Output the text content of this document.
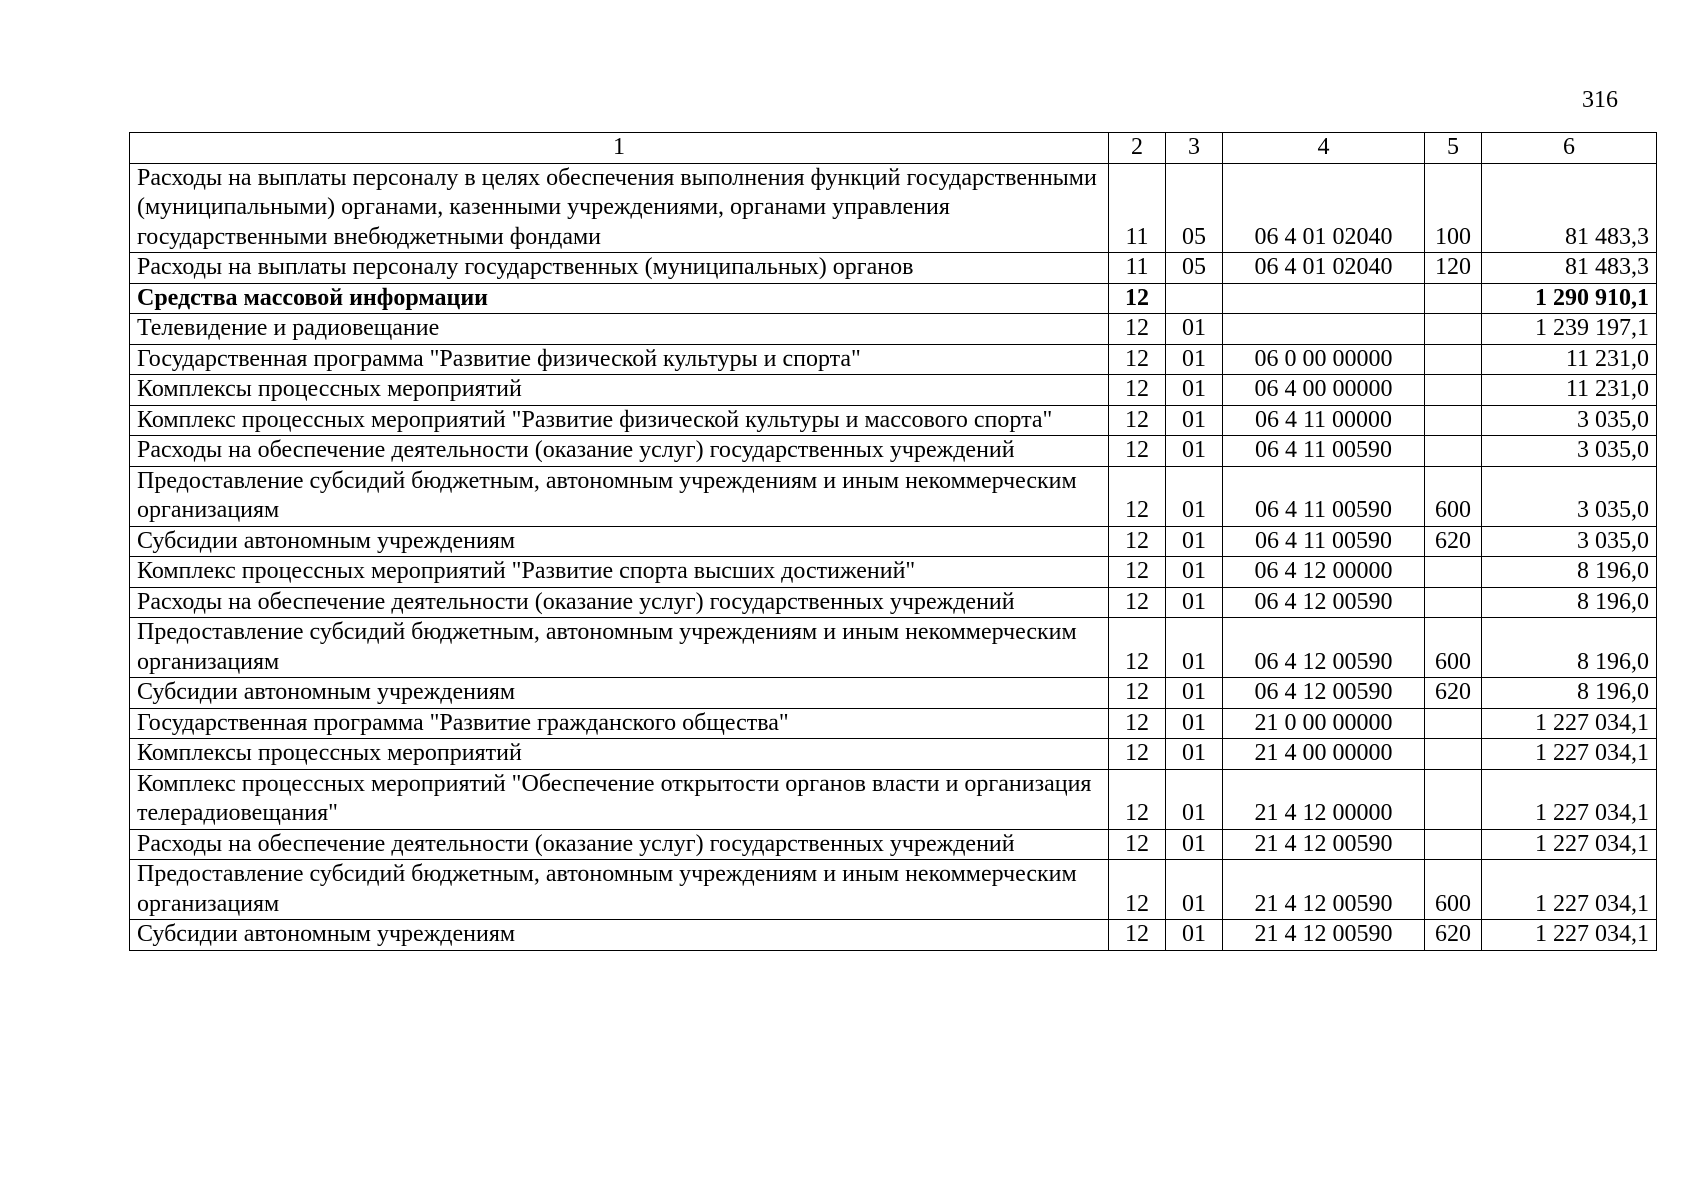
316
1	2	3	4	5	6
Расходы на выплаты персоналу в целях обеспечения выполнения функций государственными (муниципальными) органами, казенными учреждениями, органами управления государственными внебюджетными фондами	11	05	06 4 01 02040	100	81 483,3
Расходы на выплаты персоналу государственных (муниципальных) органов	11	05	06 4 01 02040	120	81 483,3
Средства массовой информации	12				1 290 910,1
Телевидение и радиовещание	12	01			1 239 197,1
Государственная программа "Развитие физической культуры и спорта"	12	01	06 0 00 00000		11 231,0
Комплексы процессных мероприятий	12	01	06 4 00 00000		11 231,0
Комплекс процессных мероприятий "Развитие физической культуры и массового спорта"	12	01	06 4 11 00000		3 035,0
Расходы на обеспечение деятельности (оказание услуг) государственных учреждений	12	01	06 4 11 00590		3 035,0
Предоставление субсидий бюджетным, автономным учреждениям и иным некоммерческим организациям	12	01	06 4 11 00590	600	3 035,0
Субсидии автономным учреждениям	12	01	06 4 11 00590	620	3 035,0
Комплекс процессных мероприятий "Развитие спорта высших достижений"	12	01	06 4 12 00000		8 196,0
Расходы на обеспечение деятельности (оказание услуг) государственных учреждений	12	01	06 4 12 00590		8 196,0
Предоставление субсидий бюджетным, автономным учреждениям и иным некоммерческим организациям	12	01	06 4 12 00590	600	8 196,0
Субсидии автономным учреждениям	12	01	06 4 12 00590	620	8 196,0
Государственная программа "Развитие гражданского общества"	12	01	21 0 00 00000		1 227 034,1
Комплексы процессных мероприятий	12	01	21 4 00 00000		1 227 034,1
Комплекс процессных мероприятий "Обеспечение открытости органов власти и организация телерадиовещания"	12	01	21 4 12 00000		1 227 034,1
Расходы на обеспечение деятельности (оказание услуг) государственных учреждений	12	01	21 4 12 00590		1 227 034,1
Предоставление субсидий бюджетным, автономным учреждениям и иным некоммерческим организациям	12	01	21 4 12 00590	600	1 227 034,1
Субсидии автономным учреждениям	12	01	21 4 12 00590	620	1 227 034,1
